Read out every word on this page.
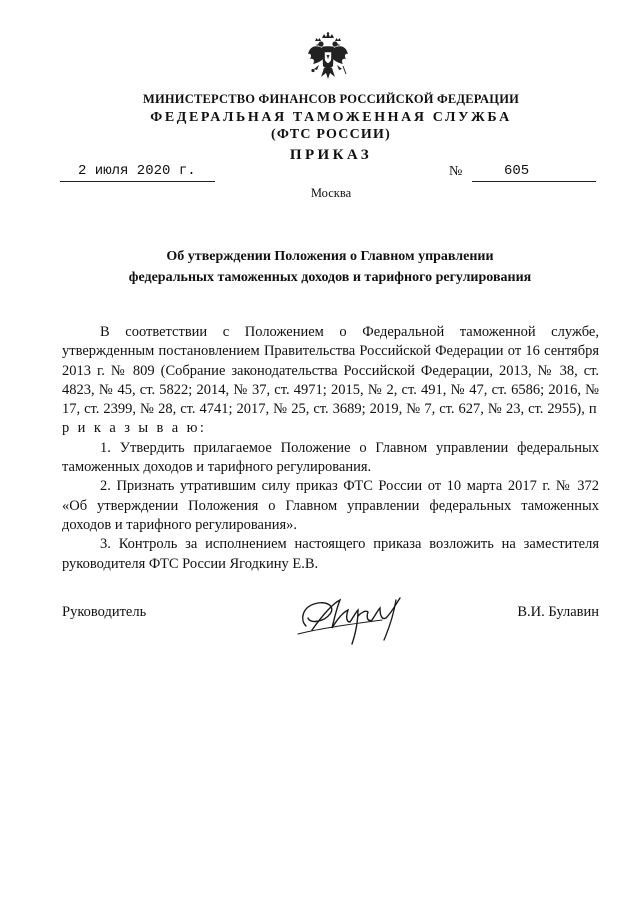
МИНИСТЕРСТВО ФИНАНСОВ РОССИЙСКОЙ ФЕДЕРАЦИИ
ФЕДЕРАЛЬНАЯ ТАМОЖЕННАЯ СЛУЖБА
(ФТС РОССИИ)
ПРИКАЗ
2 июля 2020 г.	№	605
Москва
Об утверждении Положения о Главном управлении
федеральных таможенных доходов и тарифного регулирования

В соответствии с Положением о Федеральной таможенной службе, утвержденным постановлением Правительства Российской Федерации от 16 сентября 2013 г. № 809 (Собрание законодательства Российской Федерации, 2013, № 38, ст. 4823, № 45, ст. 5822; 2014, № 37, ст. 4971; 2015, № 2, ст. 491, № 47, ст. 6586; 2016, № 17, ст. 2399, № 28, ст. 4741; 2017, № 25, ст. 3689; 2019, № 7, ст. 627, № 23, ст. 2955), п р и к а з ы в а ю:

1. Утвердить прилагаемое Положение о Главном управлении федеральных таможенных доходов и тарифного регулирования.

2. Признать утратившим силу приказ ФТС России от 10 марта 2017 г. № 372 «Об утверждении Положения о Главном управлении федеральных таможенных доходов и тарифного регулирования».

3. Контроль за исполнением настоящего приказа возложить на заместителя руководителя ФТС России Ягодкину Е.В.

Руководитель	В.И. Булавин
